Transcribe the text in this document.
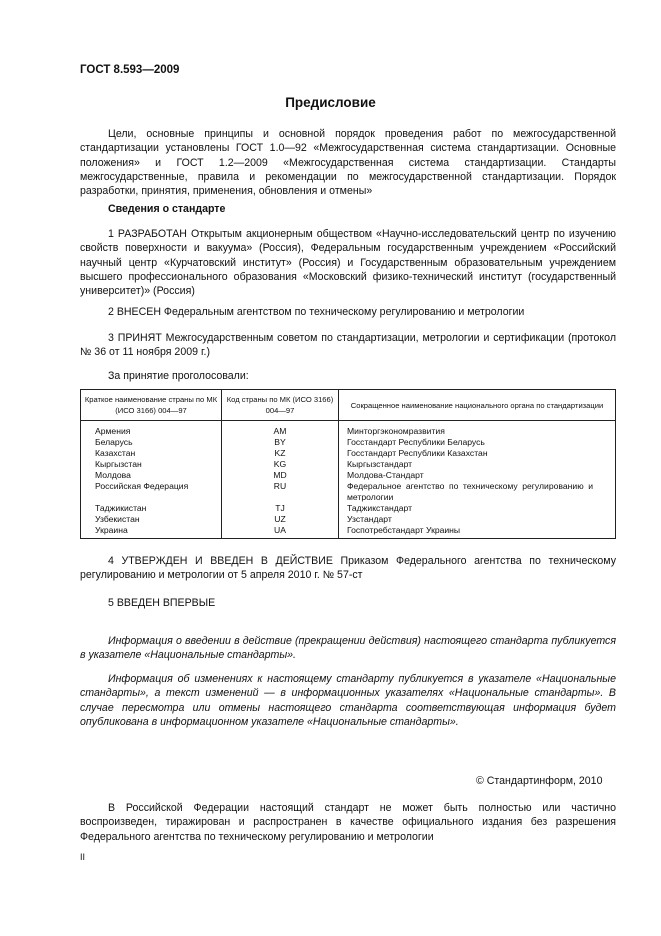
ГОСТ 8.593—2009
Предисловие
Цели, основные принципы и основной порядок проведения работ по межгосударственной стандартизации установлены ГОСТ 1.0—92 «Межгосударственная система стандартизации. Основные положения» и ГОСТ 1.2—2009 «Межгосударственная система стандартизации. Стандарты межгосударственные, правила и рекомендации по межгосударственной стандартизации. Порядок разработки, принятия, применения, обновления и отмены»
Сведения о стандарте
1 РАЗРАБОТАН Открытым акционерным обществом «Научно-исследовательский центр по изучению свойств поверхности и вакуума» (Россия), Федеральным государственным учреждением «Российский научный центр «Курчатовский институт» (Россия) и Государственным образовательным учреждением высшего профессионального образования «Московский физико-технический институт (государственный университет)» (Россия)
2 ВНЕСЕН Федеральным агентством по техническому регулированию и метрологии
3 ПРИНЯТ Межгосударственным советом по стандартизации, метрологии и сертификации (протокол № 36 от 11 ноября 2009 г.)
За принятие проголосовали:
Краткое наименование страны по МК (ИСО 3166) 004—97	Код страны по МК (ИСО 3166) 004—97	Сокращенное наименование национального органа по стандартизации
Армения	AM	Минторгэкономразвития
Беларусь	BY	Госстандарт Республики Беларусь
Казахстан	KZ	Госстандарт Республики Казахстан
Кыргызстан	KG	Кыргызстандарт
Молдова	MD	Молдова-Стандарт
Российская Федерация	RU	Федеральное агентство по техническому регулированию и метрологии
Таджикистан	TJ	Таджикстандарт
Узбекистан	UZ	Узстандарт
Украина	UA	Госпотребстандарт Украины
4 УТВЕРЖДЕН И ВВЕДЕН В ДЕЙСТВИЕ Приказом Федерального агентства по техническому регулированию и метрологии от 5 апреля 2010 г. № 57-ст
5 ВВЕДЕН ВПЕРВЫЕ
Информация о введении в действие (прекращении действия) настоящего стандарта публикуется в указателе «Национальные стандарты».
Информация об изменениях к настоящему стандарту публикуется в указателе «Национальные стандарты», а текст изменений — в информационных указателях «Национальные стандарты». В случае пересмотра или отмены настоящего стандарта соответствующая информация будет опубликована в информационном указателе «Национальные стандарты».
© Стандартинформ, 2010
В Российской Федерации настоящий стандарт не может быть полностью или частично воспроизведен, тиражирован и распространен в качестве официального издания без разрешения Федерального агентства по техническому регулированию и метрологии
II
